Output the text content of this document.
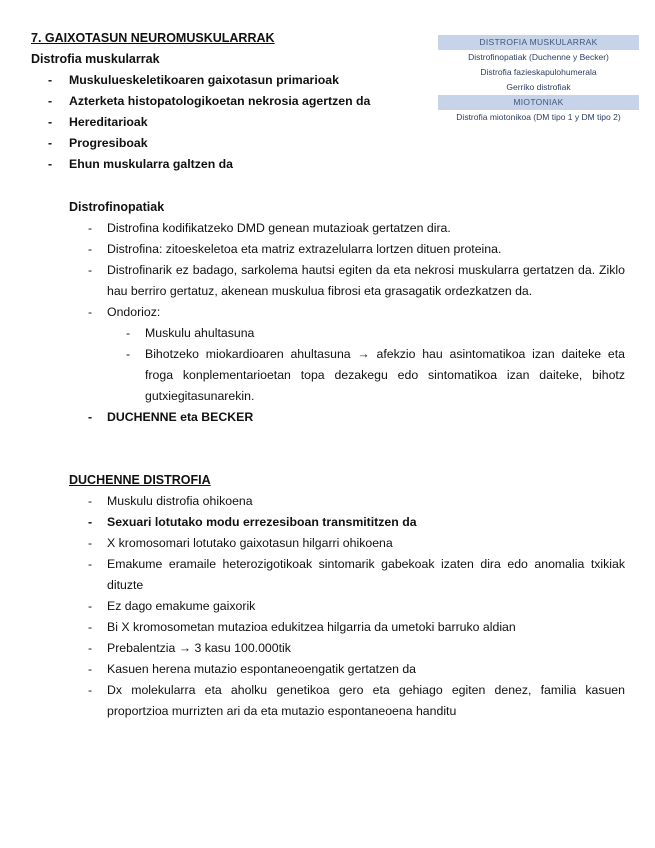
7. GAIXOTASUN NEUROMUSKULARRAK
Distrofia muskularrak
- Muskulueskeletikoaren gaixotasun primarioak
- Azterketa histopatologikoetan nekrosia agertzen da
- Hereditarioak
- Progresiboak
- Ehun muskularra galtzen da
DISTROFIA MUSKULARRAK
Distrofinopatiak (Duchenne y Becker)
Distrofia fazieskapulohumerala
Gerriko distrofiak
MIOTONIAK
Distrofia miotonikoa (DM tipo 1 y DM tipo 2)
Distrofinopatiak
- Distrofina kodifikatzeko DMD genean mutazioak gertatzen dira.
- Distrofina: zitoeskeletoa eta matriz extrazelularra lortzen dituen proteina.
- Distrofinarik ez badago, sarkolema hautsi egiten da eta nekrosi muskularra gertatzen da. Ziklo hau berriro gertatuz, akenean muskulua fibrosi eta grasagatik ordezkatzen da.
- Ondorioz:
- Muskulu ahultasuna
- Bihotzeko miokardioaren ahultasuna → afekzio hau asintomatikoa izan daiteke eta froga konplementarioetan topa dezakegu edo sintomatikoa izan daiteke, bihotz gutxiegitasunarekin.
- DUCHENNE eta BECKER
DUCHENNE DISTROFIA
- Muskulu distrofia ohikoena
- Sexuari lotutako modu errezesiboan transmititzen da
- X kromosomari lotutako gaixotasun hilgarri ohikoena
- Emakume eramaile heterozigotikoak sintomarik gabekoak izaten dira edo anomalia txikiak dituzte
- Ez dago emakume gaixorik
- Bi X kromosometan mutazioa edukitzea hilgarria da umetoki barruko aldian
- Prebalentzia → 3 kasu 100.000tik
- Kasuen herena mutazio espontaneoengatik gertatzen da
- Dx molekularra eta aholku genetikoa gero eta gehiago egiten denez, familia kasuen proportzioa murrizten ari da eta mutazio espontaneoena handitu
